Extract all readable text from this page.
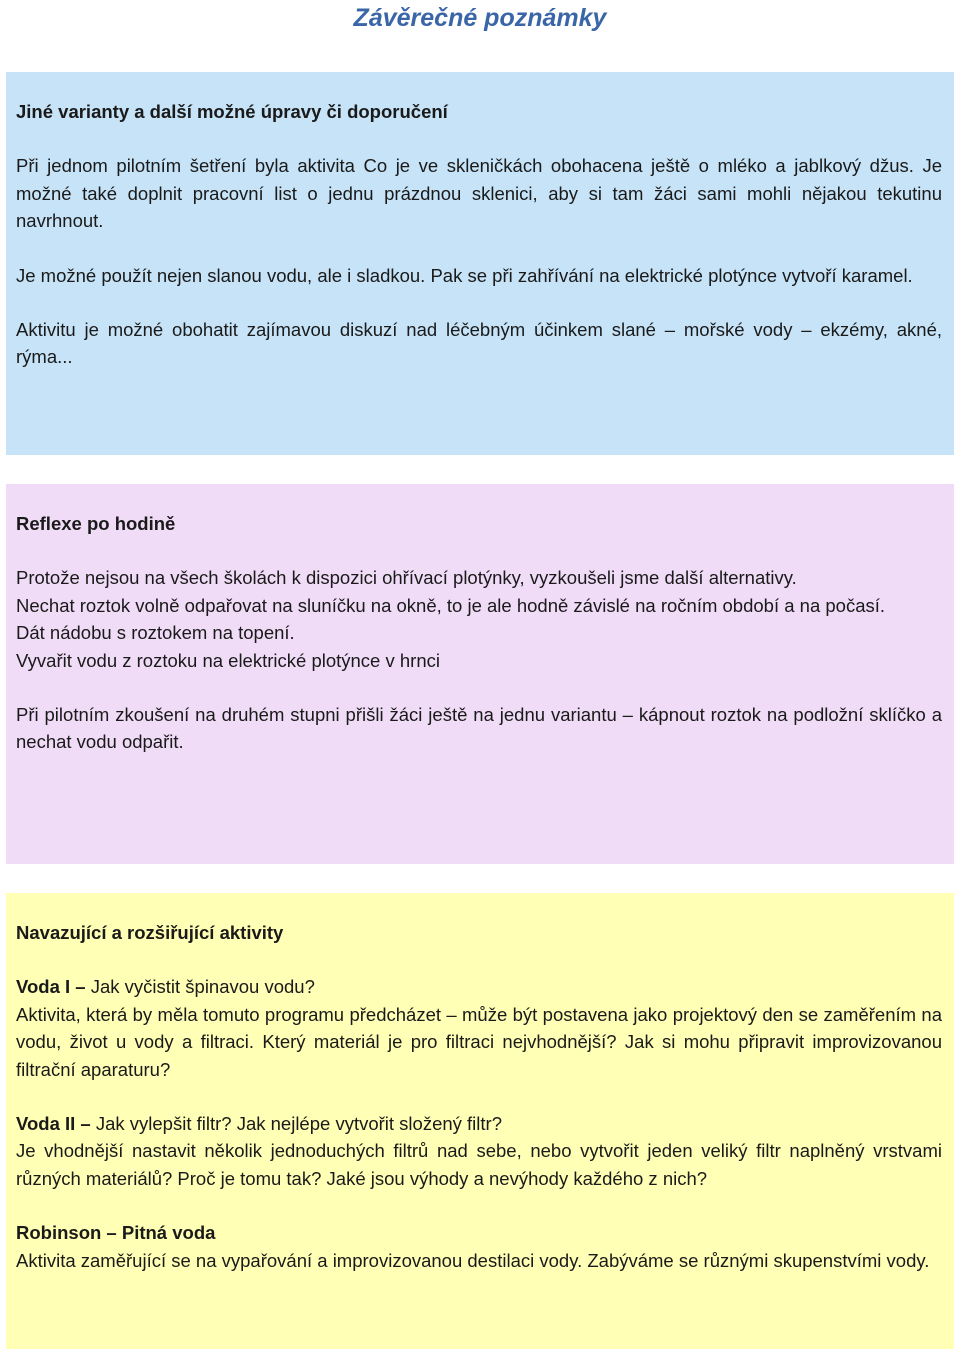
Závěrečné poznámky
Jiné varianty a další možné úpravy či doporučení

Při jednom pilotním šetření byla aktivita Co je ve skleničkách obohacena ještě o mléko a jablkový džus. Je možné také doplnit pracovní list o jednu prázdnou sklenici, aby si tam žáci sami mohli nějakou tekutinu navrhnout.

Je možné použít nejen slanou vodu, ale i sladkou. Pak se při zahřívání na elektrické plotýnce vytvoří karamel.

Aktivitu je možné obohatit zajímavou diskuzí nad léčebným účinkem slané – mořské vody – ekzémy, akné, rýma...

Reflexe po hodině

Protože nejsou na všech školách k dispozici ohřívací plotýnky, vyzkoušeli jsme další alternativy.

Nechat roztok volně odpařovat na sluníčku na okně, to je ale hodně závislé na ročním období a na počasí.

Dát nádobu s roztokem na topení.

Vyvařit vodu z roztoku na elektrické plotýnce v hrnci

Při pilotním zkoušení na druhém stupni přišli žáci ještě na jednu variantu – kápnout roztok na podložní sklíčko a nechat vodu odpařit.

Navazující a rozšiřující aktivity

Voda I – Jak vyčistit špinavou vodu?

Aktivita, která by měla tomuto programu předcházet – může být postavena jako projektový den se zaměřením na vodu, život u vody a filtraci. Který materiál je pro filtraci nejvhodnější? Jak si mohu připravit improvizovanou filtrační aparaturu?

Voda II – Jak vylepšit filtr? Jak nejlépe vytvořit složený filtr?

Je vhodnější nastavit několik jednoduchých filtrů nad sebe, nebo vytvořit jeden veliký filtr naplněný vrstvami různých materiálů? Proč je tomu tak? Jaké jsou výhody a nevýhody každého z nich?

Robinson – Pitná voda

Aktivita zaměřující se na vypařování a improvizovanou destilaci vody. Zabýváme se různými skupenstvími vody.
